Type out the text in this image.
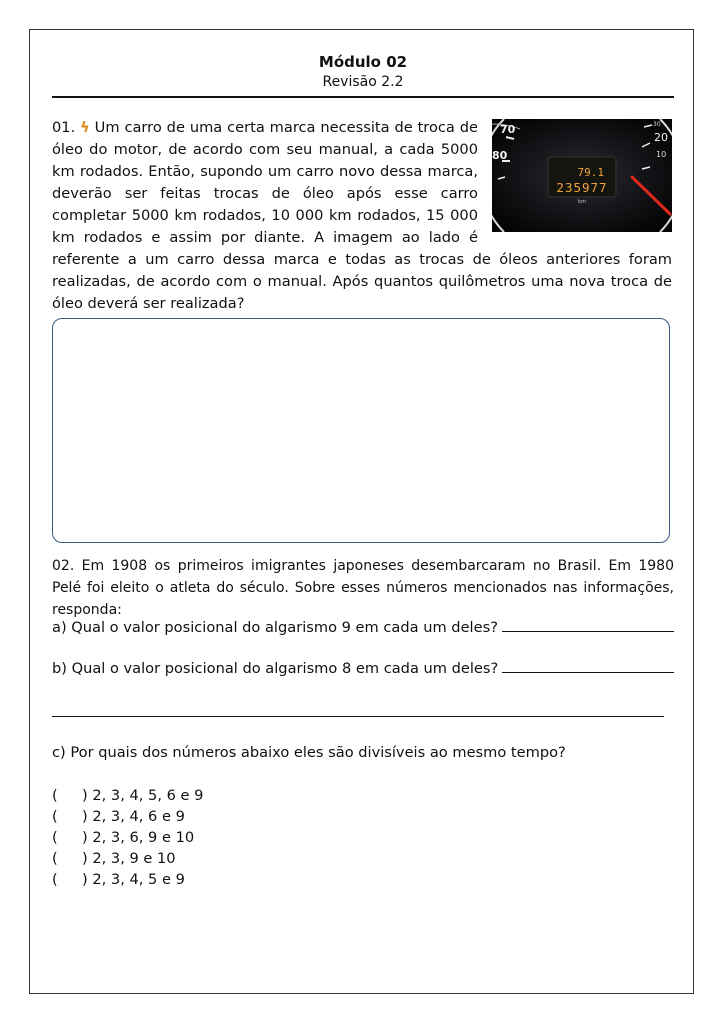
Módulo 02
Revisão 2.2
70
80
30
20
10
79.1
235977
km
01. ϟ Um carro de uma certa marca necessita de troca de óleo do motor, de acordo com seu manual, a cada 5000 km rodados. Então, supondo um carro novo dessa marca, deverão ser feitas trocas de óleo após esse carro completar 5000 km rodados, 10 000 km rodados, 15 000 km rodados e assim por diante. A imagem ao lado é referente a um carro dessa marca e todas as trocas de óleos anteriores foram realizadas, de acordo com o manual. Após quantos quilômetros uma nova troca de óleo deverá ser realizada?
02. Em 1908 os primeiros imigrantes japoneses desembarcaram no Brasil. Em 1980 Pelé foi eleito o atleta do século. Sobre esses números mencionados nas informações, responda:
a) Qual o valor posicional do algarismo 9 em cada um deles?
b) Qual o valor posicional do algarismo 8 em cada um deles?
c) Por quais dos números abaixo eles são divisíveis ao mesmo tempo?
(	) 2, 3, 4, 5, 6 e 9
(	) 2, 3, 4, 6 e 9
(	) 2, 3, 6, 9 e 10
(	) 2, 3, 9 e 10
(	) 2, 3, 4, 5 e 9
